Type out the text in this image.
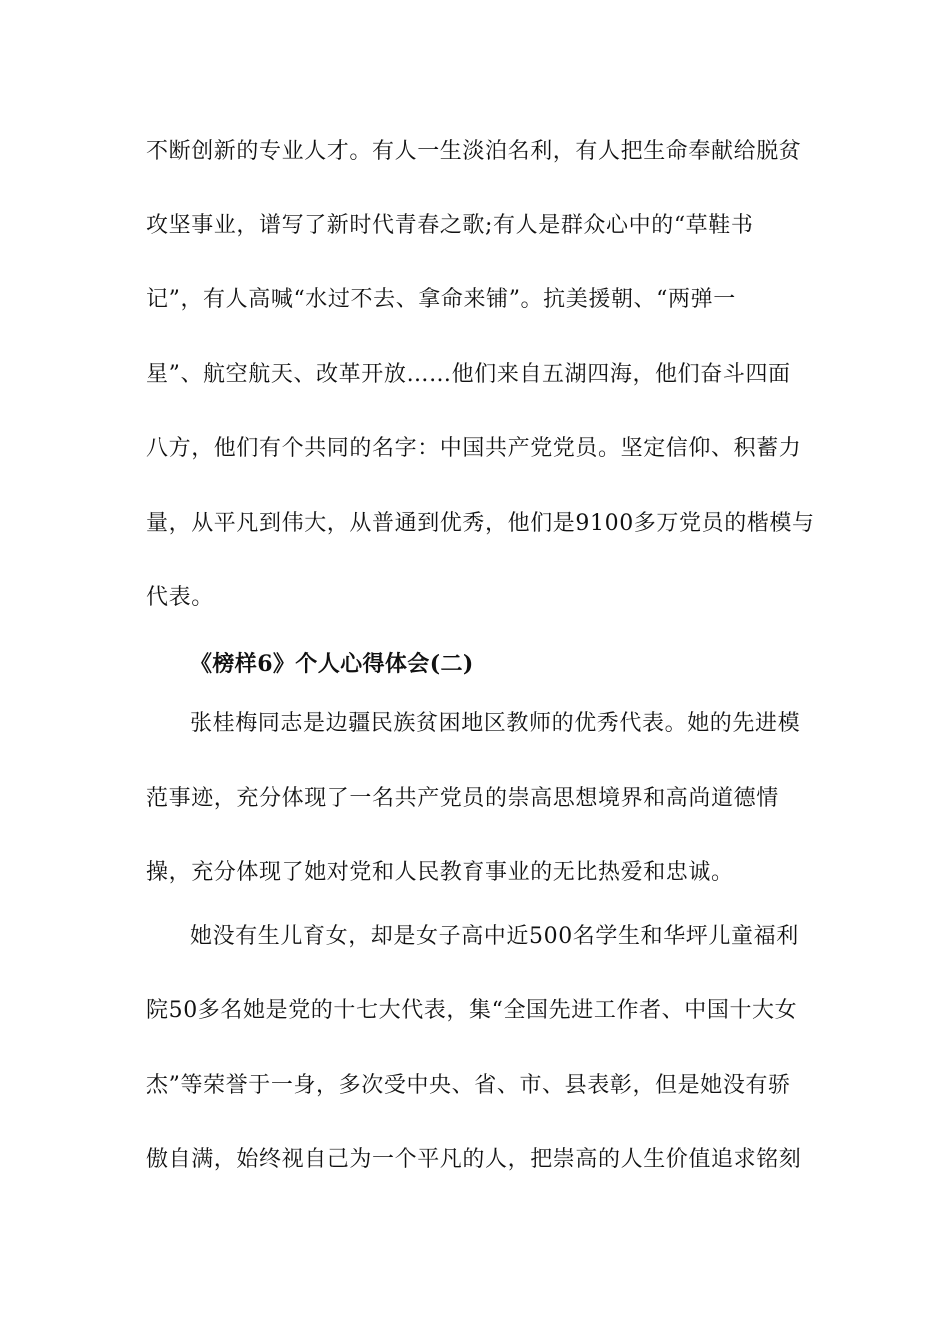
不断创新的专业人才。有人一生淡泊名利，有人把生命奉献给脱贫
攻坚事业，谱写了新时代青春之歌;有人是群众心中的“草鞋书
记”，有人高喊“水过不去、拿命来铺”。抗美援朝、“两弹一
星”、航空航天、改革开放……他们来自五湖四海，他们奋斗四面
八方，他们有个共同的名字：中国共产党党员。坚定信仰、积蓄力
量，从平凡到伟大，从普通到优秀，他们是9100多万党员的楷模与
代表。
《榜样6》个人心得体会(二)
张桂梅同志是边疆民族贫困地区教师的优秀代表。她的先进模
范事迹，充分体现了一名共产党员的崇高思想境界和高尚道德情
操，充分体现了她对党和人民教育事业的无比热爱和忠诚。
她没有生儿育女，却是女子高中近500名学生和华坪儿童福利
院50多名她是党的十七大代表，集“全国先进工作者、中国十大女
杰”等荣誉于一身，多次受中央、省、市、县表彰，但是她没有骄
傲自满，始终视自己为一个平凡的人，把崇高的人生价值追求铭刻
